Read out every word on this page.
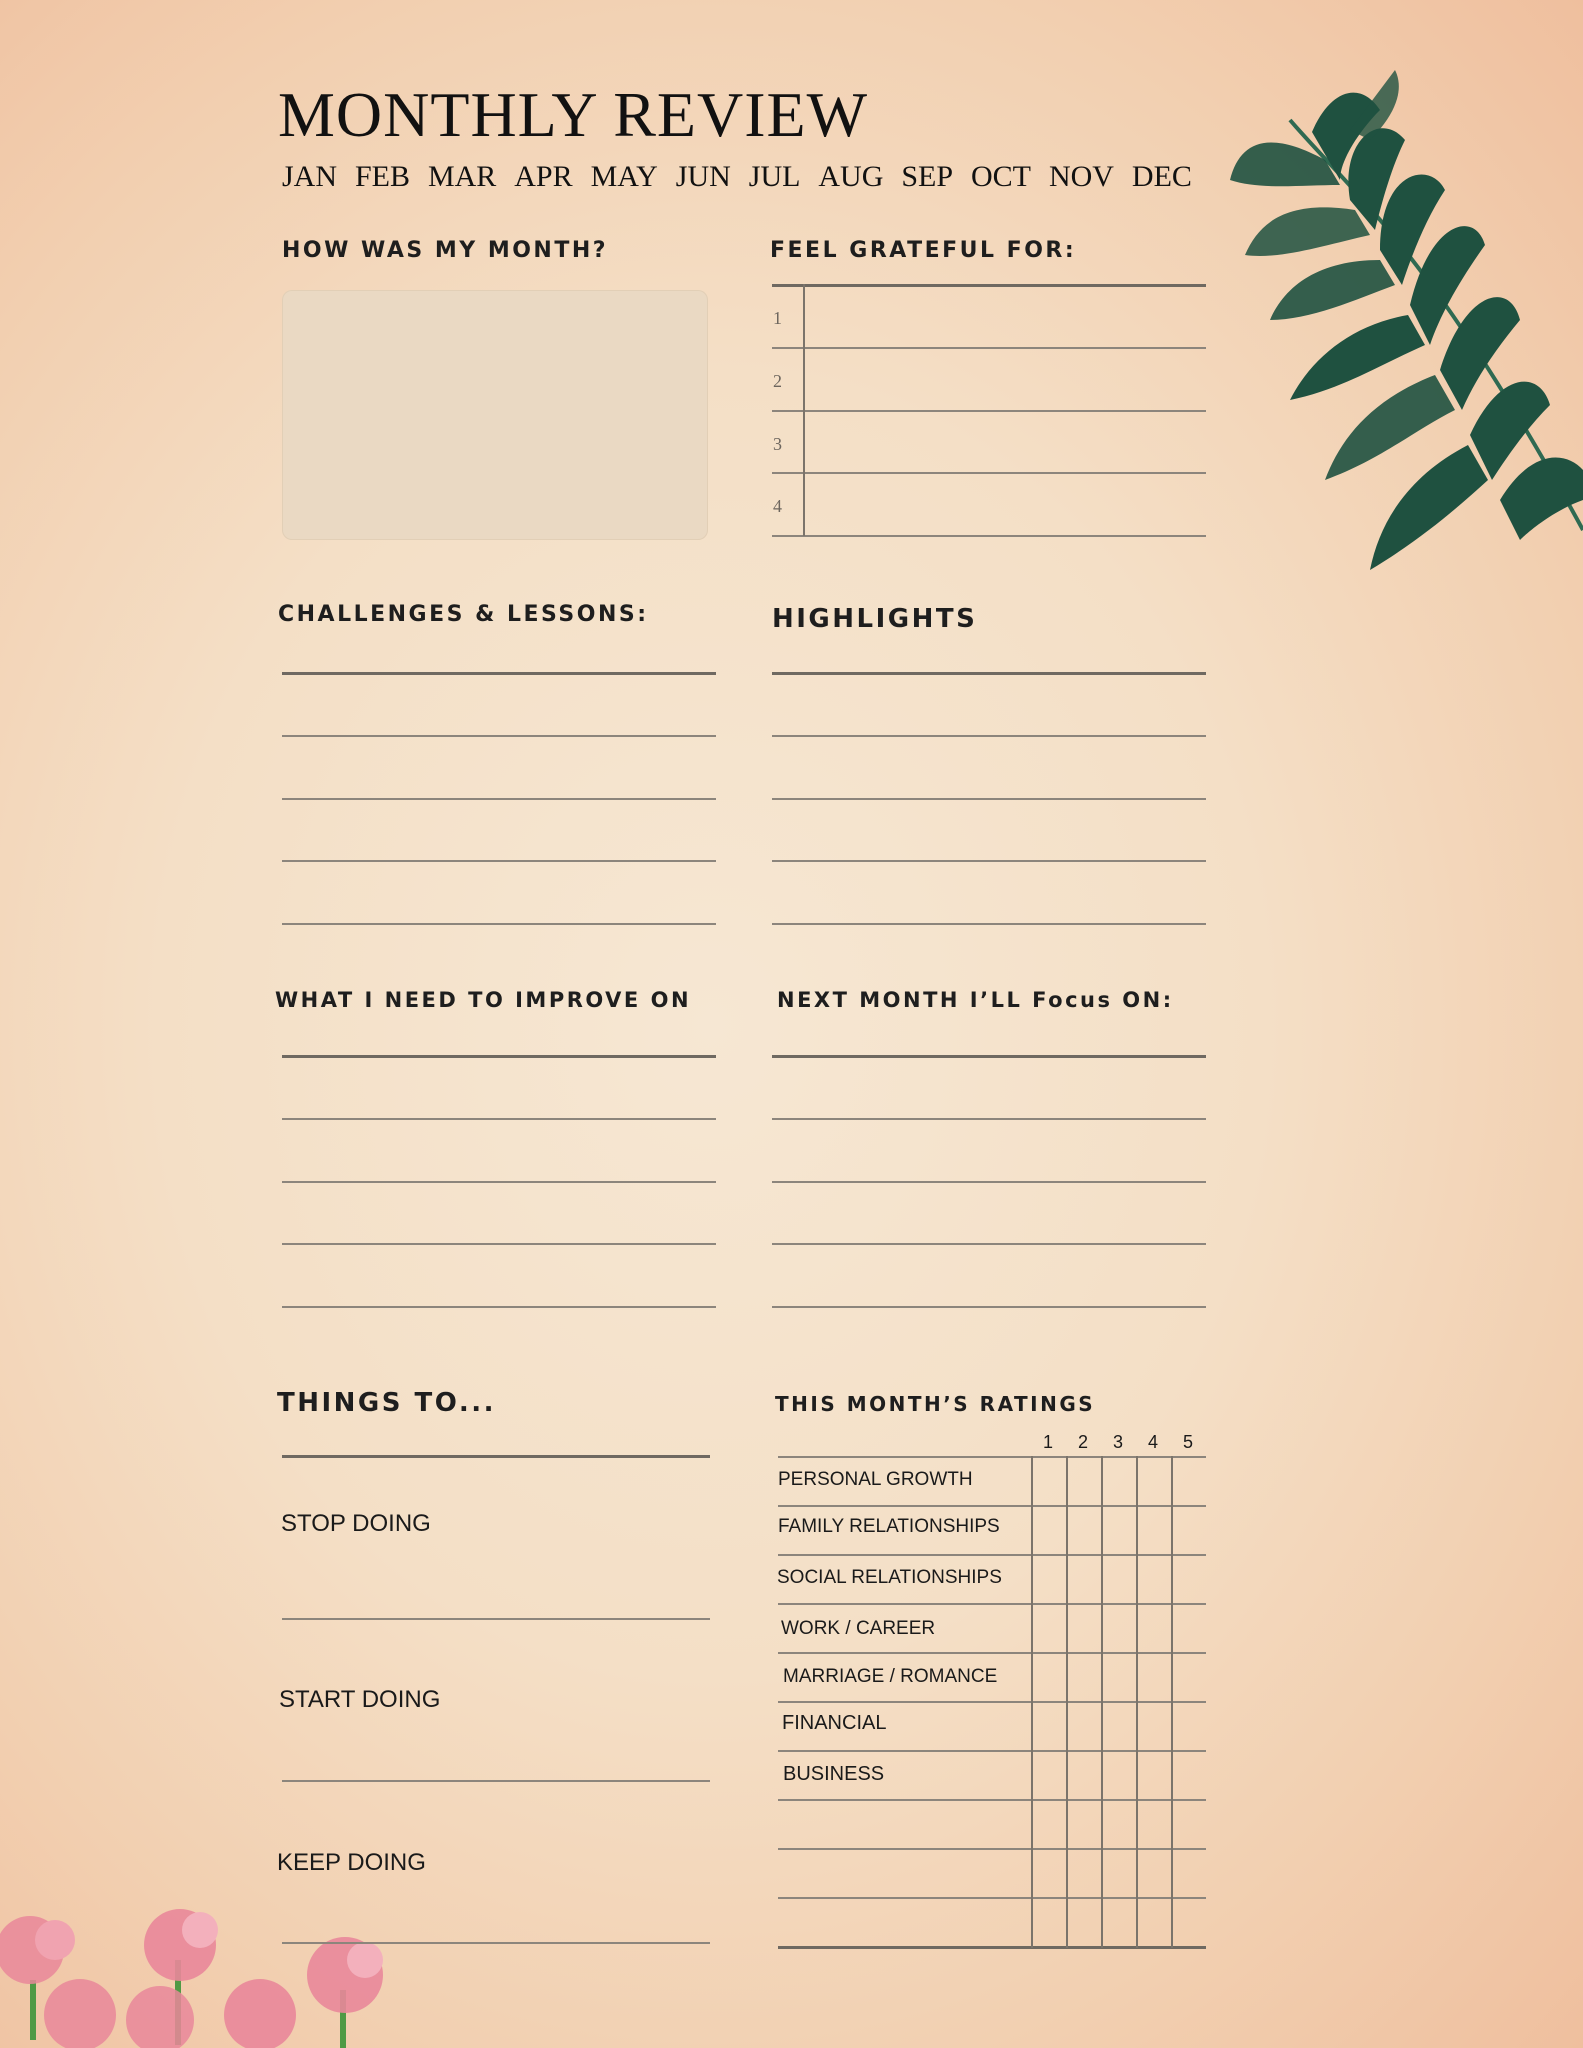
MONTHLY REVIEW
JAN FEB MAR APR MAY JUN JUL AUG SEP OCT NOV DEC
HOW WAS MY MONTH?	FEEL GRATEFUL FOR:
1
2
3
4
CHALLENGES & LESSONS:	HIGHLIGHTS
WHAT I NEED TO IMPROVE ON	NEXT MONTH I’LL Focus ON:
THINGS TO...
STOP DOING
START DOING
KEEP DOING
THIS MONTH’S RATINGS
1 2 3 4 5
PERSONAL GROWTH
FAMILY RELATIONSHIPS
SOCIAL RELATIONSHIPS
WORK / CAREER
MARRIAGE / ROMANCE
FINANCIAL
BUSINESS
